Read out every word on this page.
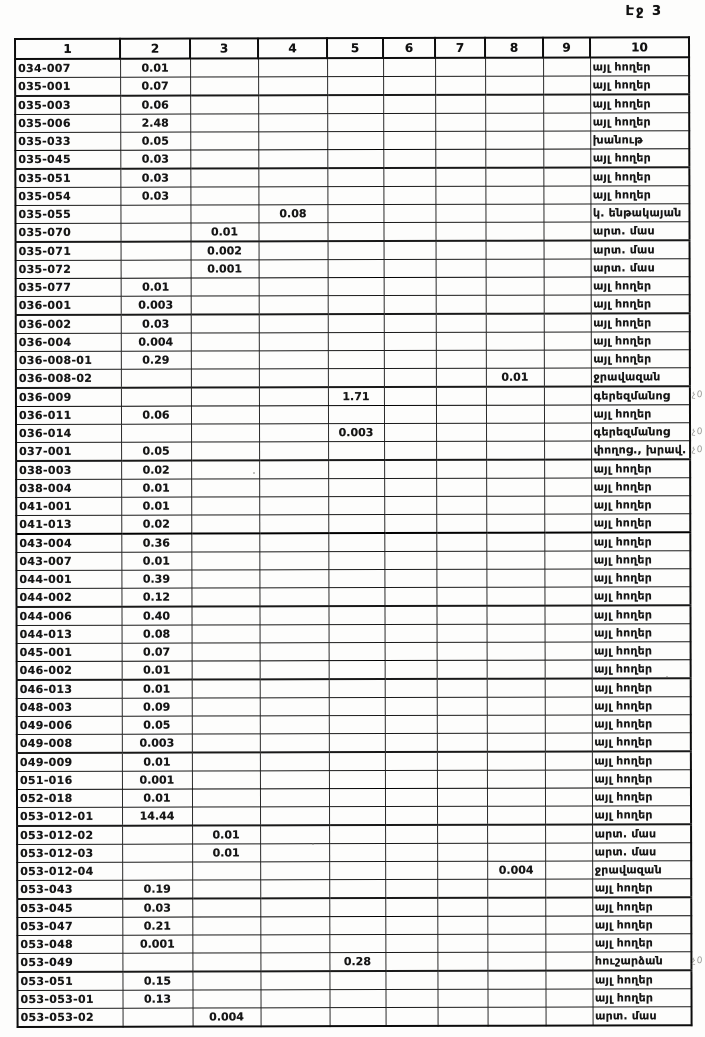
Էջ 3
1	2	3	4	5	6	7	8	9	10
034-007	0.01								այլ հողեր
035-001	0.07								այլ հողեր
035-003	0.06								այլ հողեր
035-006	2.48								այլ հողեր
035-033	0.05								խանութ
035-045	0.03								այլ հողեր
035-051	0.03								այլ հողեր
035-054	0.03								այլ հողեր
035-055			0.08						կ. ենթակայան
035-070		0.01							արտ. մաս
035-071		0.002							արտ. մաս
035-072		0.001							արտ. մաս
035-077	0.01								այլ հողեր
036-001	0.003								այլ հողեր
036-002	0.03								այլ հողեր
036-004	0.004								այլ հողեր
036-008-01	0.29								այլ հողեր
036-008-02							0.01		ջրավազան
036-009				1.71					գերեզմանոց
036-011	0.06								այլ հողեր
036-014				0.003					գերեզմանոց
037-001	0.05								փողոց., խրավ.
038-003	0.02								այլ հողեր
038-004	0.01								այլ հողեր
041-001	0.01								այլ հողեր
041-013	0.02								այլ հողեր
043-004	0.36								այլ հողեր
043-007	0.01								այլ հողեր
044-001	0.39								այլ հողեր
044-002	0.12								այլ հողեր
044-006	0.40								այլ հողեր
044-013	0.08								այլ հողեր
045-001	0.07								այլ հողեր
046-002	0.01								այլ հողեր
046-013	0.01								այլ հողեր
048-003	0.09								այլ հողեր
049-006	0.05								այլ հողեր
049-008	0.003								այլ հողեր
049-009	0.01								այլ հողեր
051-016	0.001								այլ հողեր
052-018	0.01								այլ հողեր
053-012-01	14.44								այլ հողեր
053-012-02		0.01							արտ. մաս
053-012-03		0.01							արտ. մաս
053-012-04							0.004		ջրավազան
053-043	0.19								այլ հողեր
053-045	0.03								այլ հողեր
053-047	0.21								այլ հողեր
053-048	0.001								այլ հողեր
053-049				0.28					հուշարձան
053-051	0.15								այլ հողեր
053-053-01	0.13								այլ հողեր
053-053-02		0.004							արտ. մաս
չ0
չ0
չ0
չ0
